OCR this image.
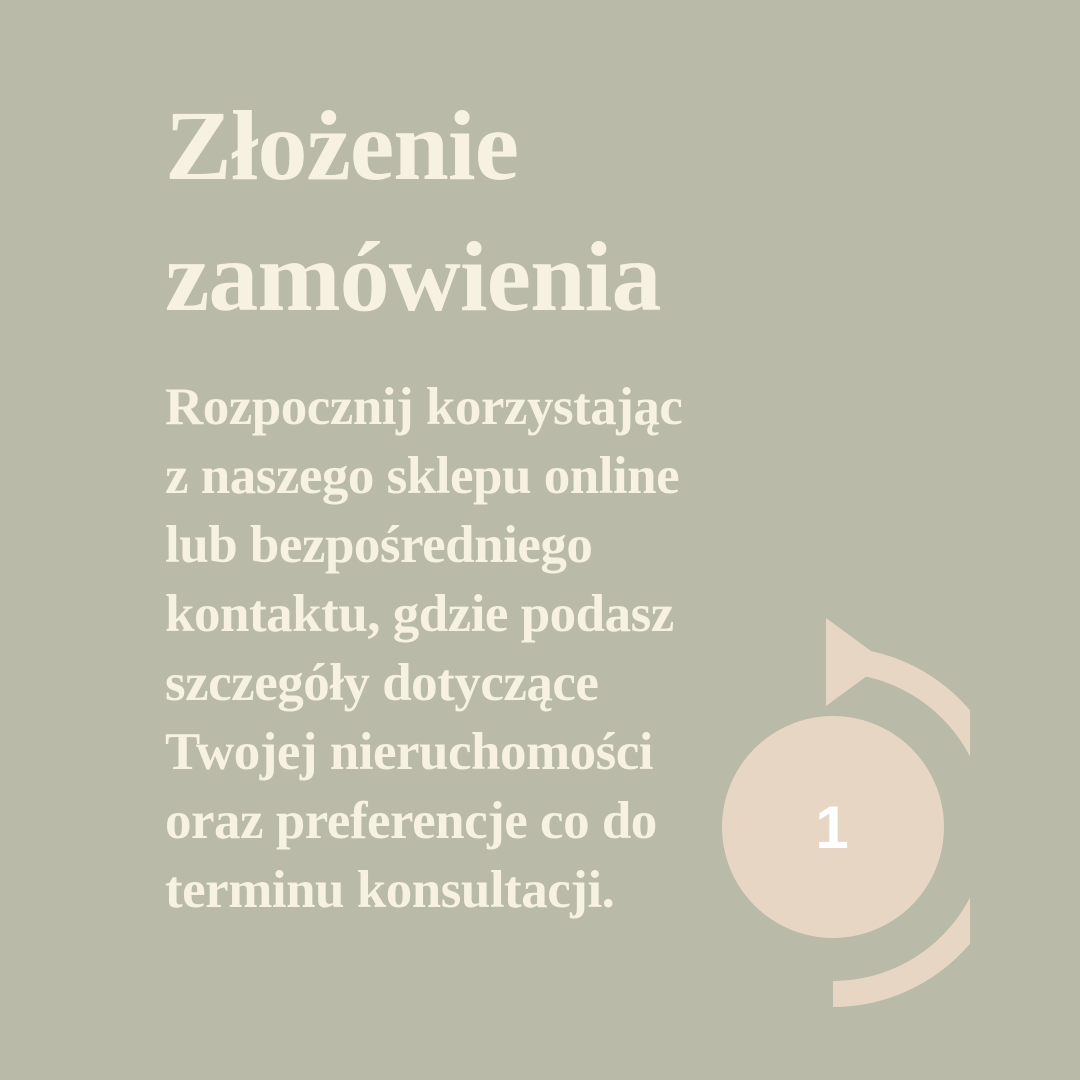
Złożenie
zamówienia
Rozpocznij korzystając
z naszego sklepu online
lub bezpośredniego
kontaktu, gdzie podasz
szczegóły dotyczące
Twojej nieruchomości
oraz preferencje co do
terminu konsultacji.
1
